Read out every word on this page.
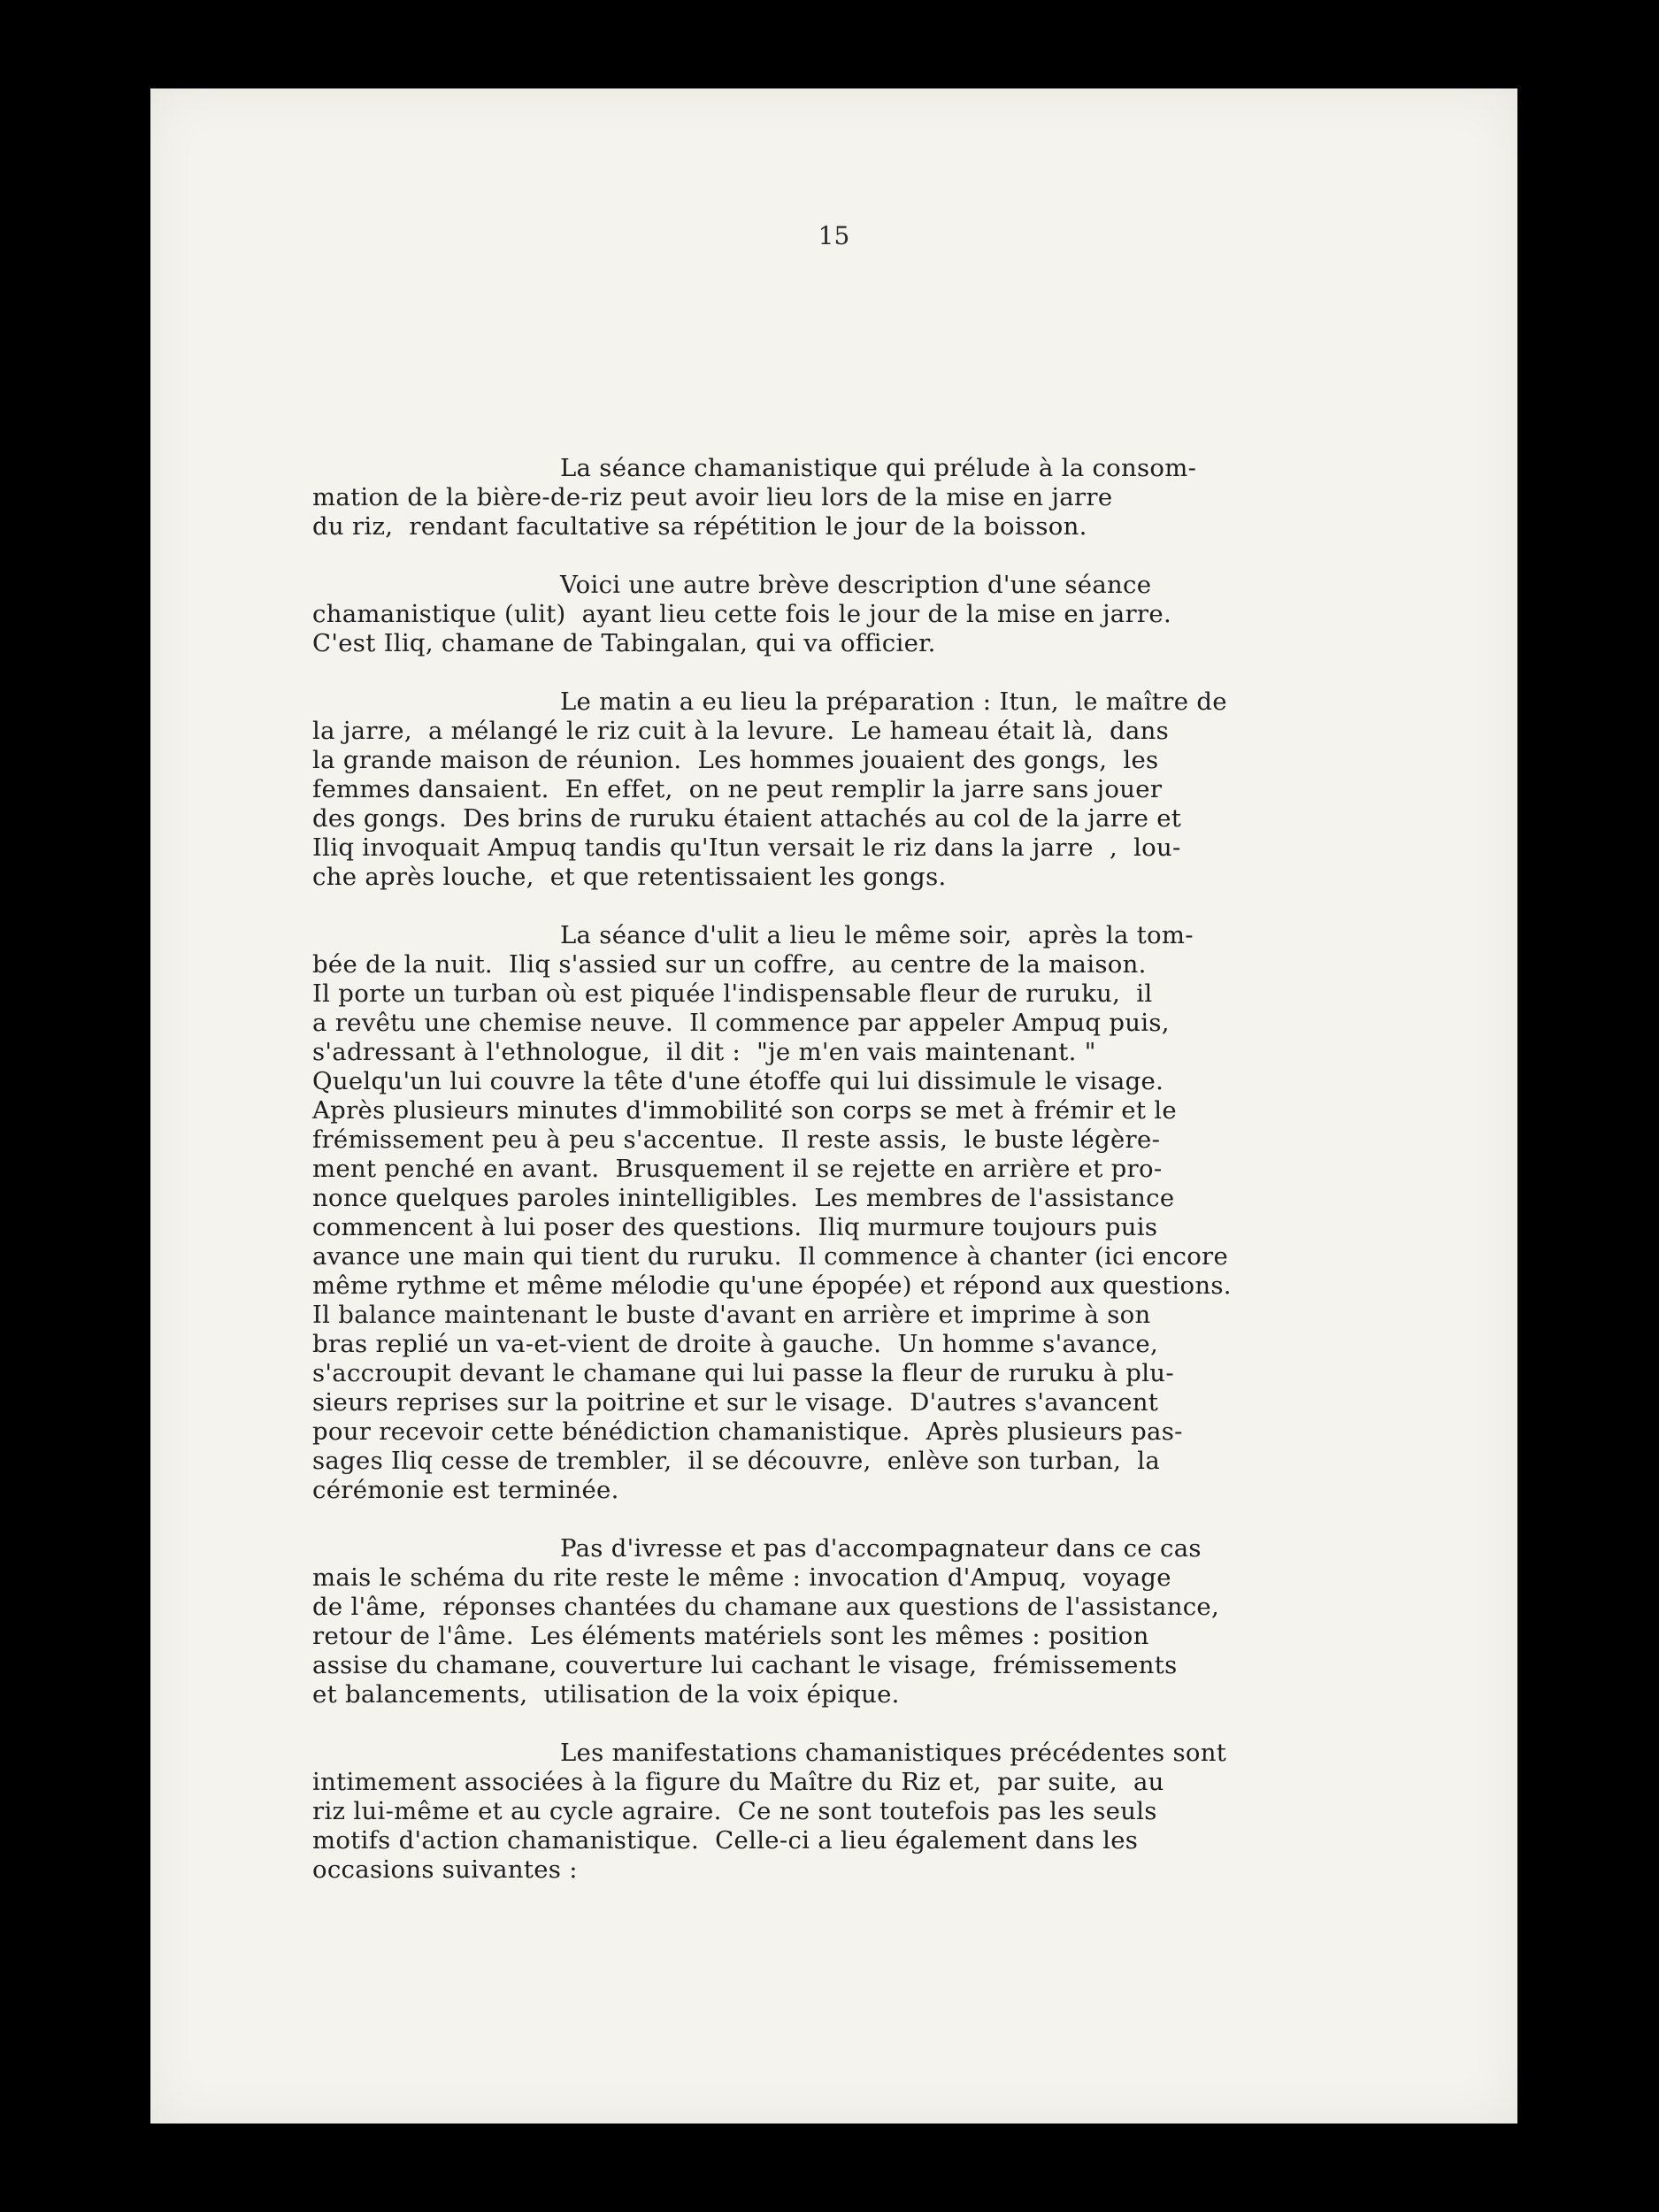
15
La séance chamanistique qui prélude à la consom-
mation de la bière-de-riz peut avoir lieu lors de la mise en jarre
du riz,  rendant facultative sa répétition le jour de la boisson.
Voici une autre brève description d'une séance
chamanistique (ulit)  ayant lieu cette fois le jour de la mise en jarre.
C'est Iliq, chamane de Tabingalan, qui va officier.
Le matin a eu lieu la préparation : Itun,  le maître de
la jarre,  a mélangé le riz cuit à la levure.  Le hameau était là,  dans
la grande maison de réunion.  Les hommes jouaient des gongs,  les
femmes dansaient.  En effet,  on ne peut remplir la jarre sans jouer
des gongs.  Des brins de ruruku étaient attachés au col de la jarre et
Iliq invoquait Ampuq tandis qu'Itun versait le riz dans la jarre  ,  lou-
che après louche,  et que retentissaient les gongs.
La séance d'ulit a lieu le même soir,  après la tom-
bée de la nuit.  Iliq s'assied sur un coffre,  au centre de la maison.
Il porte un turban où est piquée l'indispensable fleur de ruruku,  il
a revêtu une chemise neuve.  Il commence par appeler Ampuq puis,
s'adressant à l'ethnologue,  il dit :  "je m'en vais maintenant. "
Quelqu'un lui couvre la tête d'une étoffe qui lui dissimule le visage.
Après plusieurs minutes d'immobilité son corps se met à frémir et le
frémissement peu à peu s'accentue.  Il reste assis,  le buste légère-
ment penché en avant.  Brusquement il se rejette en arrière et pro-
nonce quelques paroles inintelligibles.  Les membres de l'assistance
commencent à lui poser des questions.  Iliq murmure toujours puis
avance une main qui tient du ruruku.  Il commence à chanter (ici encore
même rythme et même mélodie qu'une épopée) et répond aux questions.
Il balance maintenant le buste d'avant en arrière et imprime à son
bras replié un va-et-vient de droite à gauche.  Un homme s'avance,
s'accroupit devant le chamane qui lui passe la fleur de ruruku à plu-
sieurs reprises sur la poitrine et sur le visage.  D'autres s'avancent
pour recevoir cette bénédiction chamanistique.  Après plusieurs pas-
sages Iliq cesse de trembler,  il se découvre,  enlève son turban,  la
cérémonie est terminée.
Pas d'ivresse et pas d'accompagnateur dans ce cas
mais le schéma du rite reste le même : invocation d'Ampuq,  voyage
de l'âme,  réponses chantées du chamane aux questions de l'assistance,
retour de l'âme.  Les éléments matériels sont les mêmes : position
assise du chamane, couverture lui cachant le visage,  frémissements
et balancements,  utilisation de la voix épique.
Les manifestations chamanistiques précédentes sont
intimement associées à la figure du Maître du Riz et,  par suite,  au
riz lui-même et au cycle agraire.  Ce ne sont toutefois pas les seuls
motifs d'action chamanistique.  Celle-ci a lieu également dans les
occasions suivantes :
